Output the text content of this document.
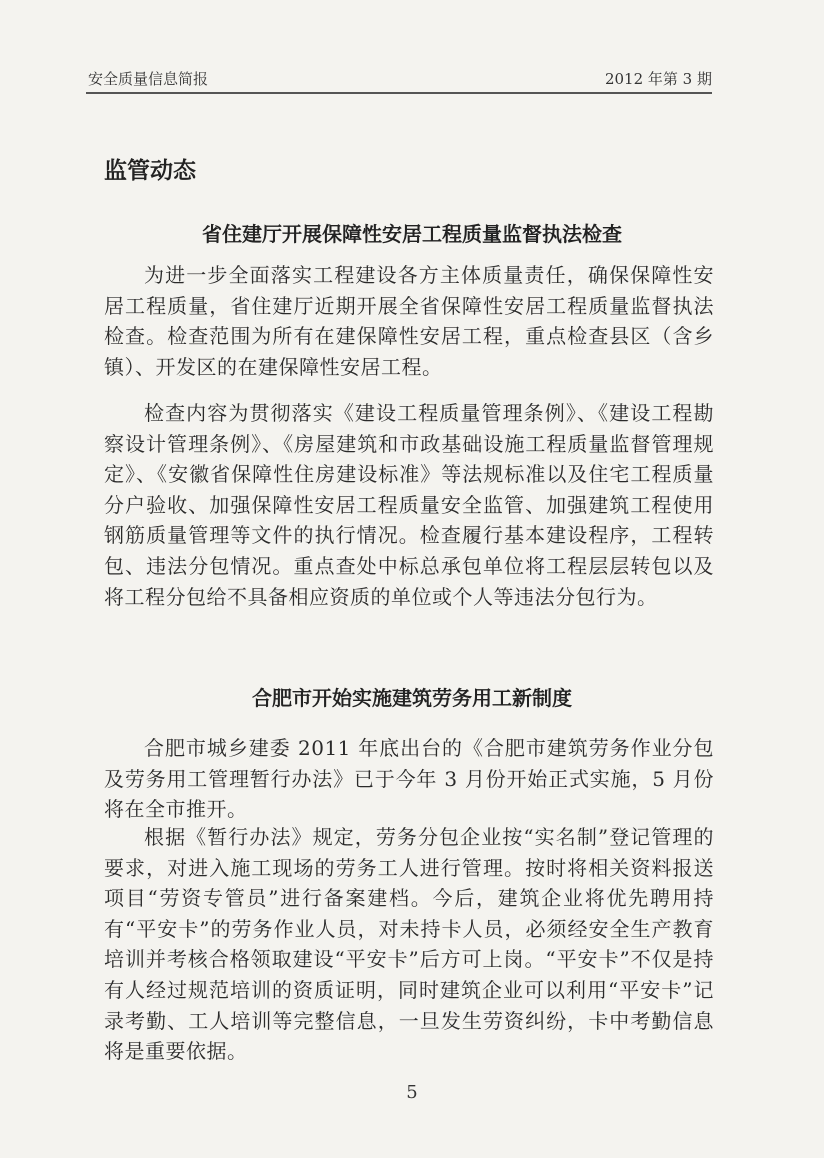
安全质量信息简报	2012 年第 3 期
监管动态
省住建厅开展保障性安居工程质量监督执法检查

为进一步全面落实工程建设各方主体质量责任，确保保障性安居工程质量，省住建厅近期开展全省保障性安居工程质量监督执法检查。检查范围为所有在建保障性安居工程，重点检查县区（含乡镇）、开发区的在建保障性安居工程。

检查内容为贯彻落实《建设工程质量管理条例》、《建设工程勘察设计管理条例》、《房屋建筑和市政基础设施工程质量监督管理规定》、《安徽省保障性住房建设标准》等法规标准以及住宅工程质量分户验收、加强保障性安居工程质量安全监管、加强建筑工程使用钢筋质量管理等文件的执行情况。检查履行基本建设程序，工程转包、违法分包情况。重点查处中标总承包单位将工程层层转包以及将工程分包给不具备相应资质的单位或个人等违法分包行为。

合肥市开始实施建筑劳务用工新制度

合肥市城乡建委 2011 年底出台的《合肥市建筑劳务作业分包及劳务用工管理暂行办法》已于今年 3 月份开始正式实施，5 月份将在全市推开。

根据《暂行办法》规定，劳务分包企业按“实名制”登记管理的要求，对进入施工现场的劳务工人进行管理。按时将相关资料报送项目“劳资专管员”进行备案建档。今后，建筑企业将优先聘用持有“平安卡”的劳务作业人员，对未持卡人员，必须经安全生产教育培训并考核合格领取建设“平安卡”后方可上岗。“平安卡”不仅是持有人经过规范培训的资质证明，同时建筑企业可以利用“平安卡”记录考勤、工人培训等完整信息，一旦发生劳资纠纷，卡中考勤信息将是重要依据。

5
